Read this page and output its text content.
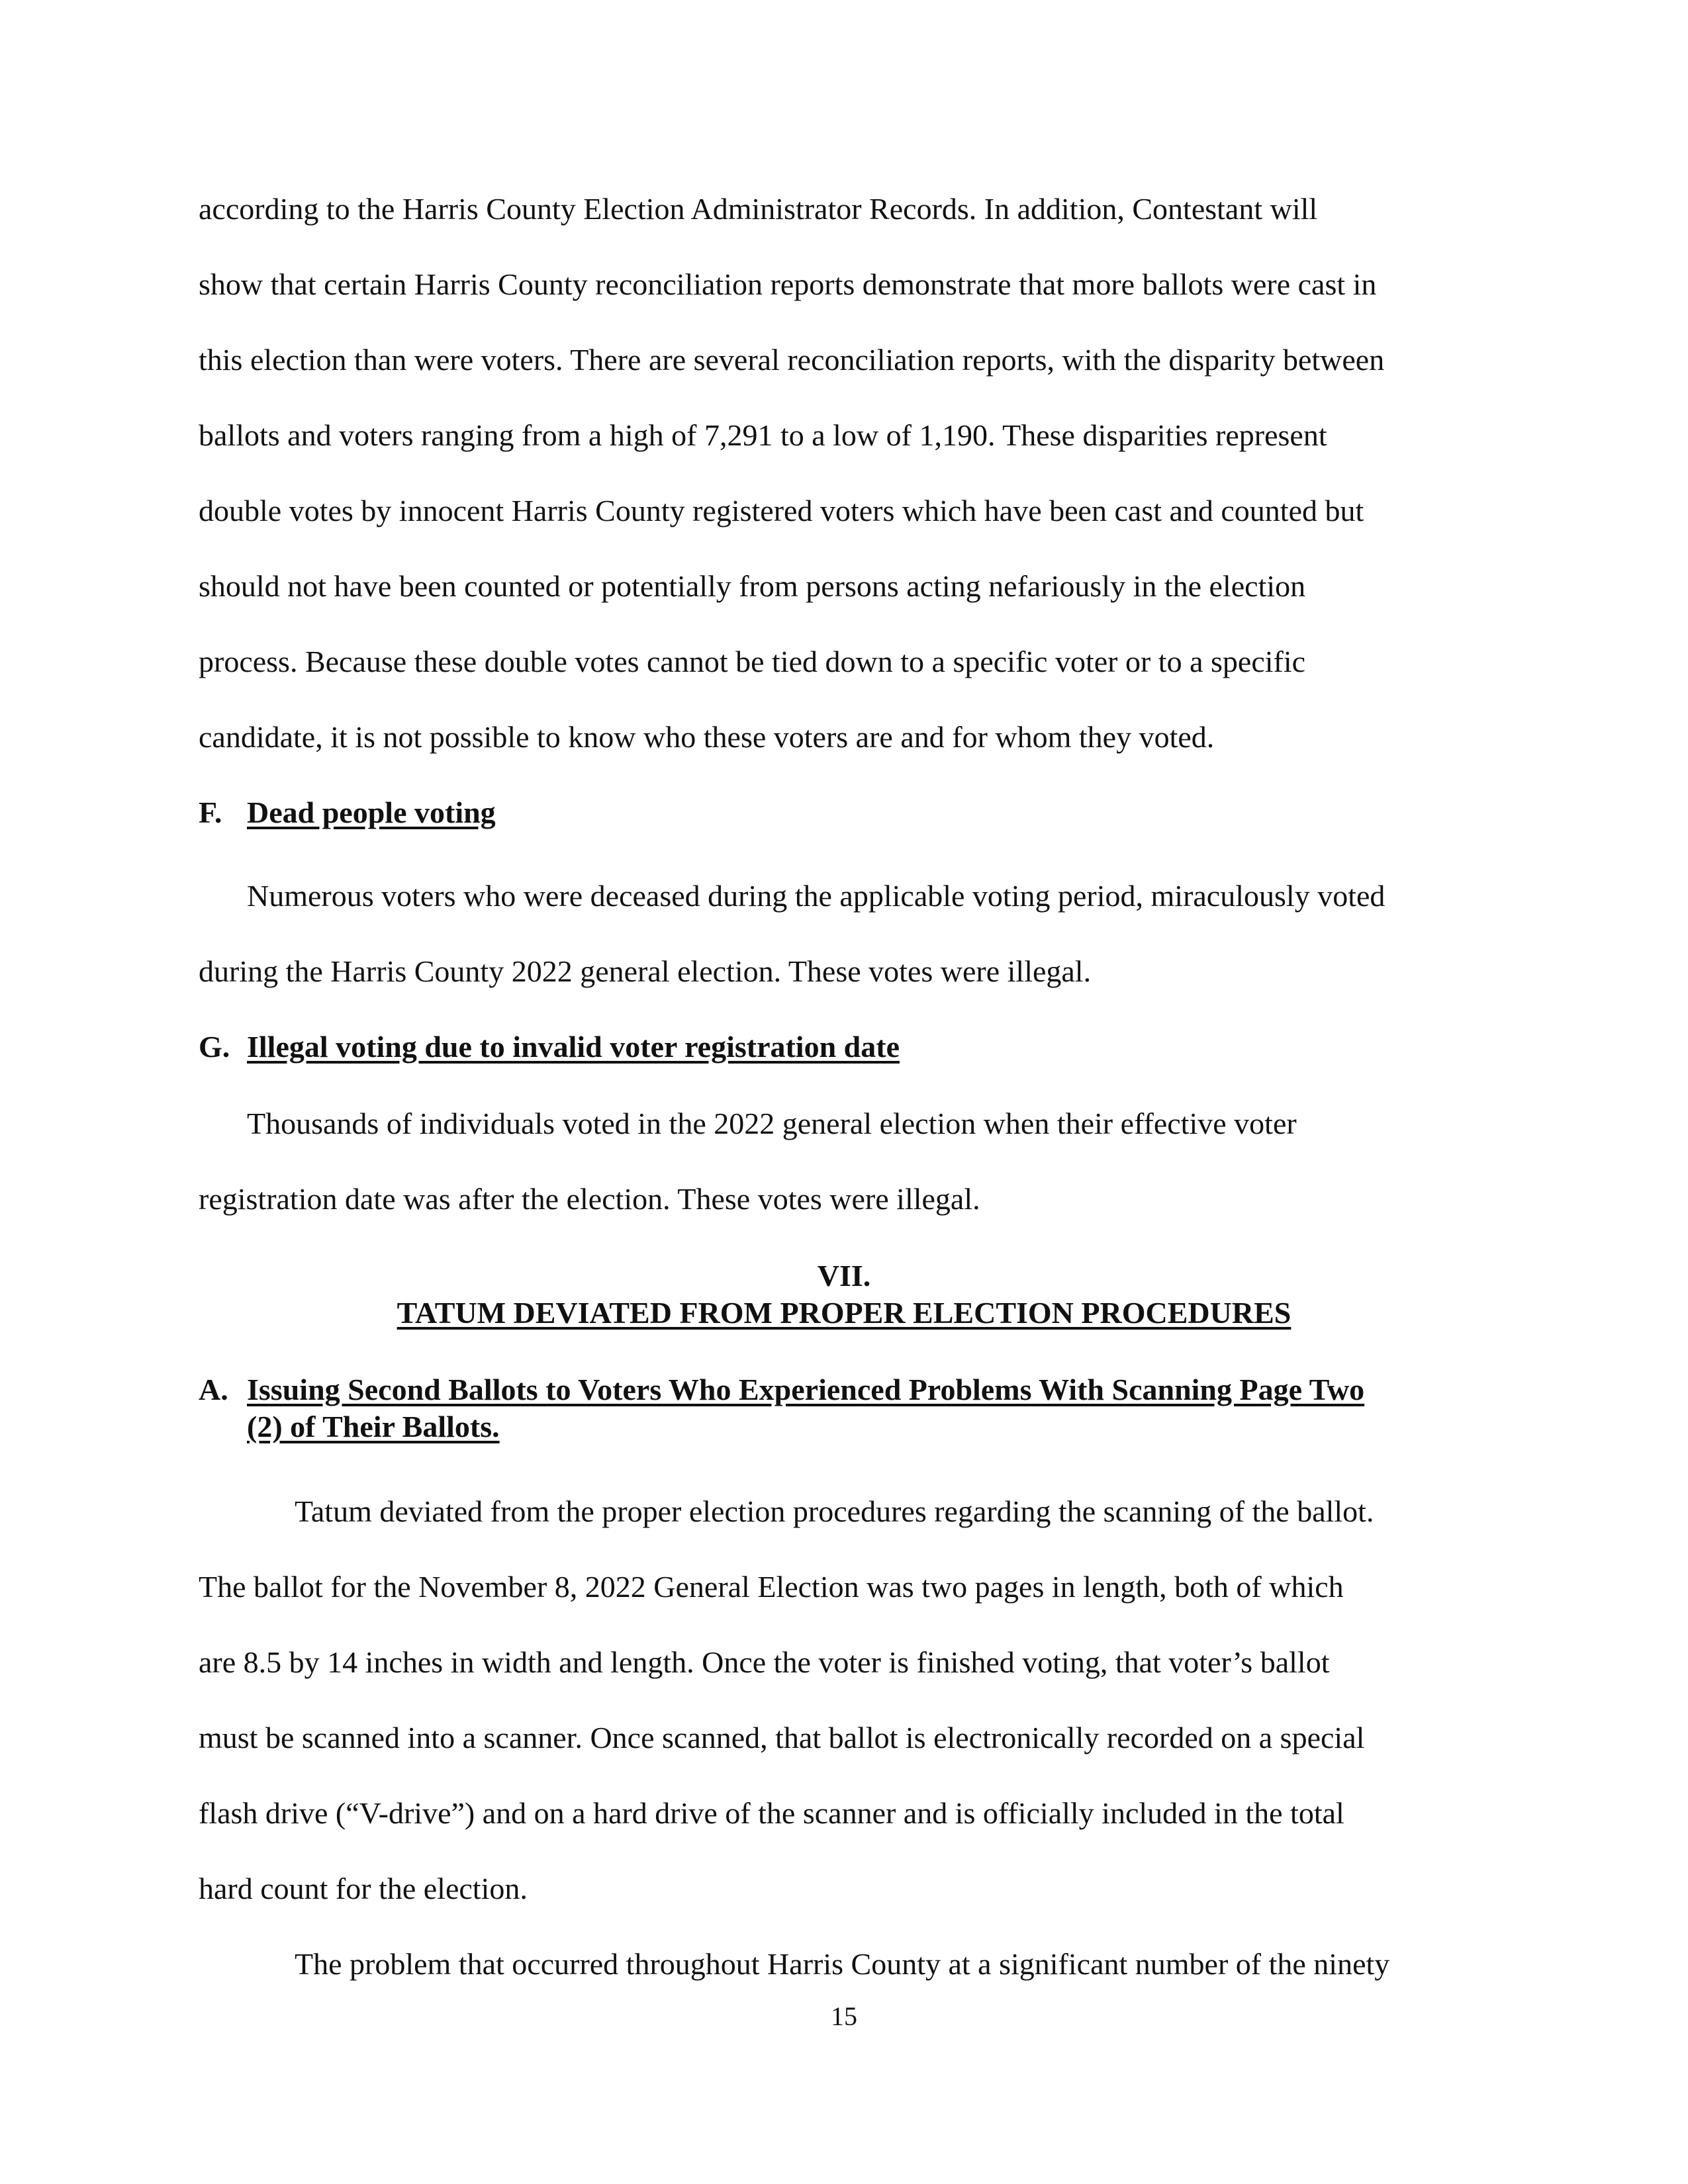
according to the Harris County Election Administrator Records. In addition, Contestant will
show that certain Harris County reconciliation reports demonstrate that more ballots were cast in
this election than were voters. There are several reconciliation reports, with the disparity between
ballots and voters ranging from a high of 7,291 to a low of 1,190. These disparities represent
double votes by innocent Harris County registered voters which have been cast and counted but
should not have been counted or potentially from persons acting nefariously in the election
process. Because these double votes cannot be tied down to a specific voter or to a specific
candidate, it is not possible to know who these voters are and for whom they voted.
F. Dead people voting
Numerous voters who were deceased during the applicable voting period, miraculously voted
during the Harris County 2022 general election. These votes were illegal.
G. Illegal voting due to invalid voter registration date
Thousands of individuals voted in the 2022 general election when their effective voter
registration date was after the election. These votes were illegal.
VII.
TATUM DEVIATED FROM PROPER ELECTION PROCEDURES
A. Issuing Second Ballots to Voters Who Experienced Problems With Scanning Page Two
(2) of Their Ballots.
Tatum deviated from the proper election procedures regarding the scanning of the ballot.
The ballot for the November 8, 2022 General Election was two pages in length, both of which
are 8.5 by 14 inches in width and length. Once the voter is finished voting, that voter’s ballot
must be scanned into a scanner. Once scanned, that ballot is electronically recorded on a special
flash drive (“V-drive”) and on a hard drive of the scanner and is officially included in the total
hard count for the election.
The problem that occurred throughout Harris County at a significant number of the ninety
15
